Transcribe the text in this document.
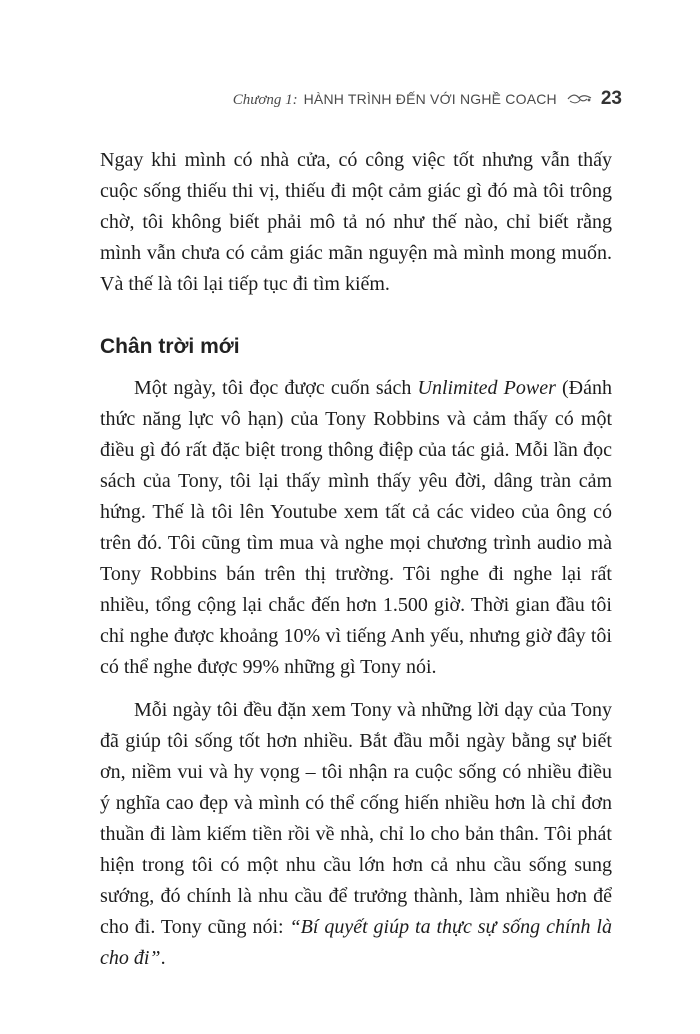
Chương 1: HÀNH TRÌNH ĐẾN VỚI NGHỀ COACH 23

Ngay khi mình có nhà cửa, có công việc tốt nhưng vẫn thấy cuộc sống thiếu thi vị, thiếu đi một cảm giác gì đó mà tôi trông chờ, tôi không biết phải mô tả nó như thế nào, chỉ biết rằng mình vẫn chưa có cảm giác mãn nguyện mà mình mong muốn. Và thế là tôi lại tiếp tục đi tìm kiếm.

Chân trời mới

Một ngày, tôi đọc được cuốn sách Unlimited Power (Đánh thức năng lực vô hạn) của Tony Robbins và cảm thấy có một điều gì đó rất đặc biệt trong thông điệp của tác giả. Mỗi lần đọc sách của Tony, tôi lại thấy mình thấy yêu đời, dâng tràn cảm hứng. Thế là tôi lên Youtube xem tất cả các video của ông có trên đó. Tôi cũng tìm mua và nghe mọi chương trình audio mà Tony Robbins bán trên thị trường. Tôi nghe đi nghe lại rất nhiều, tổng cộng lại chắc đến hơn 1.500 giờ. Thời gian đầu tôi chỉ nghe được khoảng 10% vì tiếng Anh yếu, nhưng giờ đây tôi có thể nghe được 99% những gì Tony nói.

Mỗi ngày tôi đều đặn xem Tony và những lời dạy của Tony đã giúp tôi sống tốt hơn nhiều. Bắt đầu mỗi ngày bằng sự biết ơn, niềm vui và hy vọng – tôi nhận ra cuộc sống có nhiều điều ý nghĩa cao đẹp và mình có thể cống hiến nhiều hơn là chỉ đơn thuần đi làm kiếm tiền rồi về nhà, chỉ lo cho bản thân. Tôi phát hiện trong tôi có một nhu cầu lớn hơn cả nhu cầu sống sung sướng, đó chính là nhu cầu để trưởng thành, làm nhiều hơn để cho đi. Tony cũng nói: “Bí quyết giúp ta thực sự sống chính là cho đi”.
